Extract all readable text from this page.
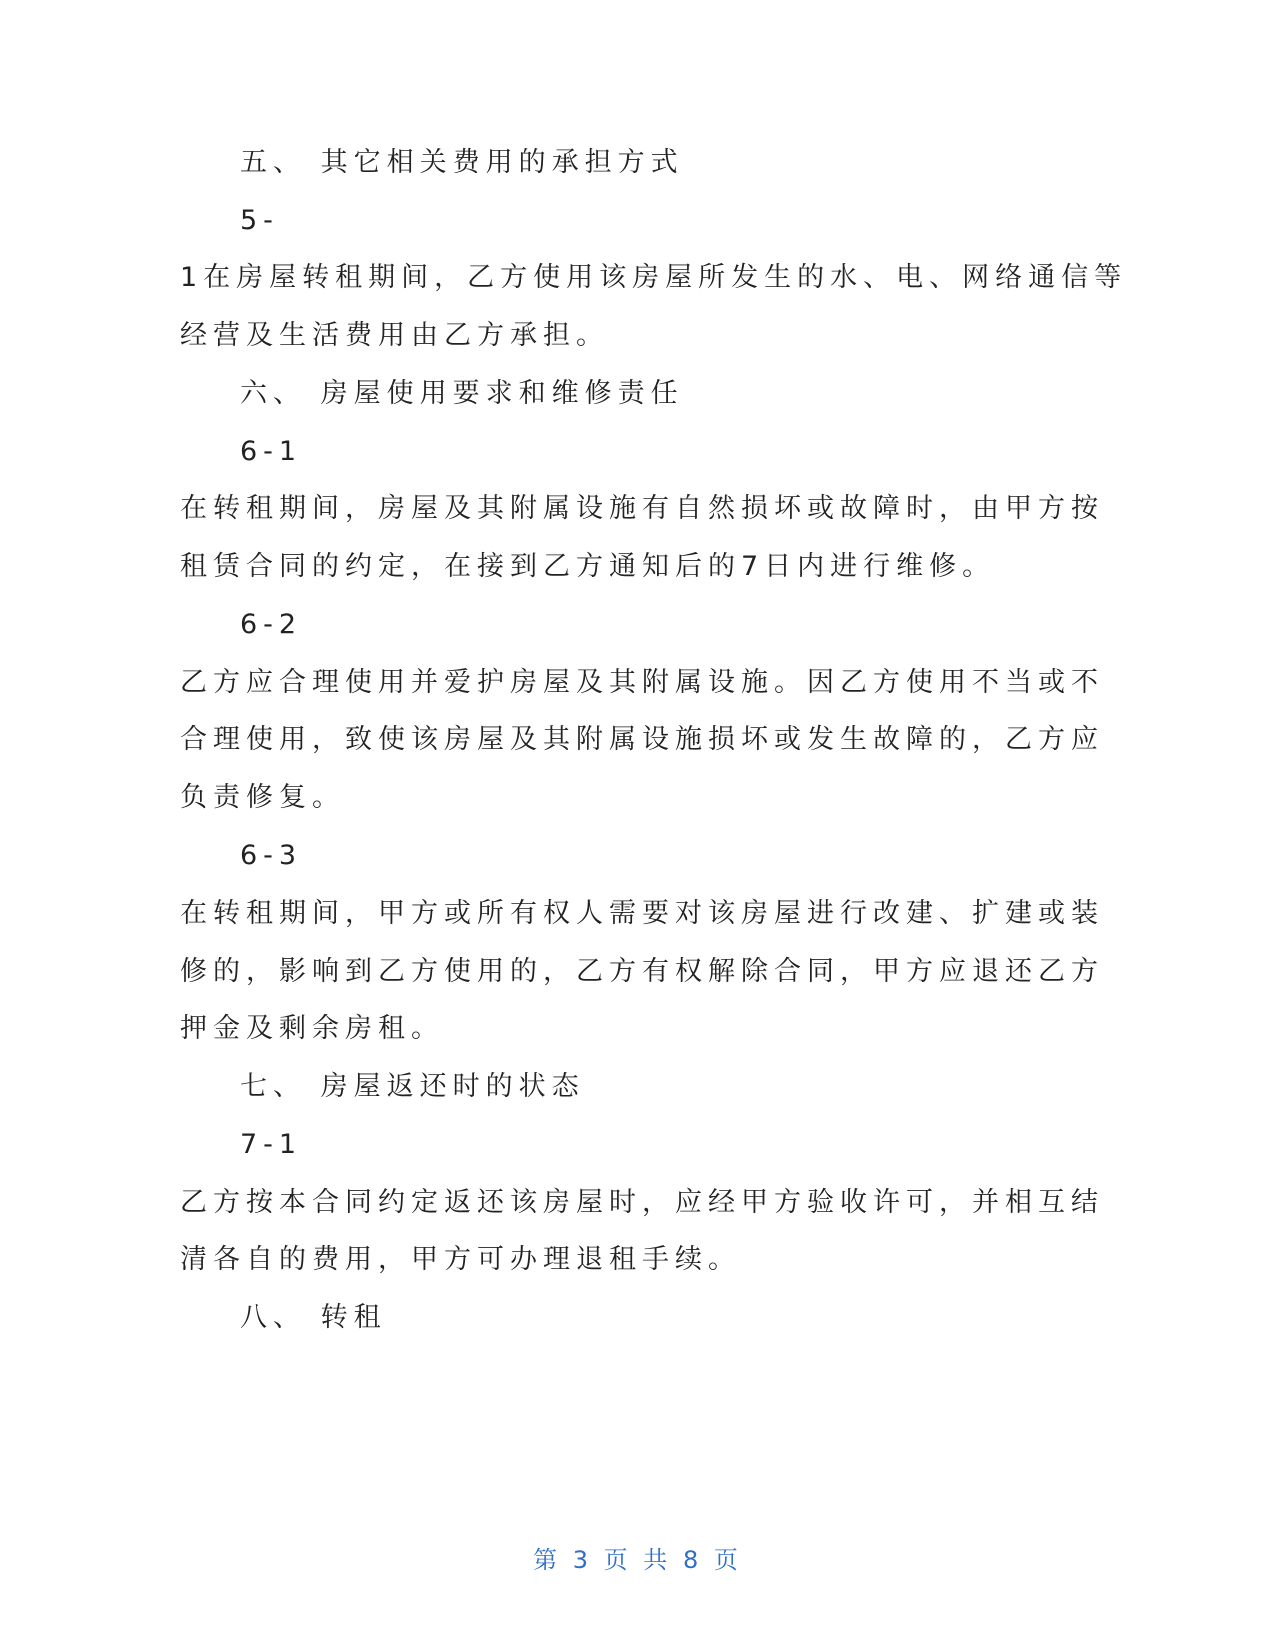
五、 其它相关费用的承担方式
5-
1在房屋转租期间，乙方使用该房屋所发生的水、电、网络通信等
经营及生活费用由乙方承担。
六、 房屋使用要求和维修责任
6-1
在转租期间，房屋及其附属设施有自然损坏或故障时，由甲方按
租赁合同的约定，在接到乙方通知后的7日内进行维修。
6-2
乙方应合理使用并爱护房屋及其附属设施。因乙方使用不当或不
合理使用，致使该房屋及其附属设施损坏或发生故障的，乙方应
负责修复。
6-3
在转租期间，甲方或所有权人需要对该房屋进行改建、扩建或装
修的，影响到乙方使用的，乙方有权解除合同，甲方应退还乙方
押金及剩余房租。
七、 房屋返还时的状态
7-1
乙方按本合同约定返还该房屋时，应经甲方验收许可，并相互结
清各自的费用，甲方可办理退租手续。
八、 转租
第 3 页 共 8 页
